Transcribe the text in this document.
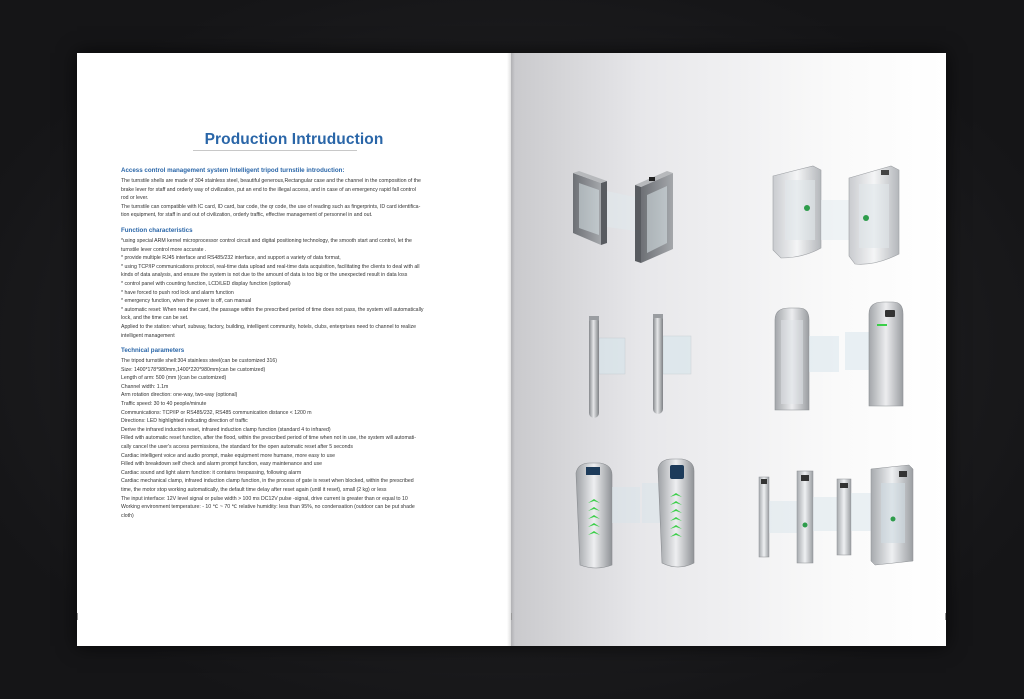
Production Intruduction
Access control management system Intelligent tripod turnstile introduction:

The turnstile shells are made of 304 stainless steel, beautiful generous,Rectangular case and the channel in the composition of the

brake lever for staff and orderly way of civilization, put an end to the illegal access, and in case of an emergency rapid fall control

rod or lever.

The turnstile can compatible with IC card, ID card, bar code, the qr code, the use of reading such as fingerprints, ID card identifica-

tion equipment, for staff in and out of civilization, orderly traffic, effective management of personnel in and out.

Function characteristics

*using special ARM kernel microprocessor control circuit and digital positioning technology, the smooth start and control, let the

turnstile lever control more accurate .

* provide multiple RJ45 interface and RS485/232 interface, and support a variety of data format,

* using TCP/IP communications protocol, real-time data upload and real-time data acquisition, facilitating the clients to deal with all

kinds of data analysis, and ensure the system is not due to the amount of data is too big or the unexpected result in data loss

* control panel with counting function, LCD/LED display function (optional)

* have forced to push rod lock and alarm function

* emergency function, when the power is off, can manual

* automatic reset: When read the card, the passage within the prescribed period of time does not pass, the system will automatically

lock, and the time can be set.

Applied to the station: wharf, subway, factory, building, intelligent community, hotels, clubs, enterprises need to channel to realize

intelligent management

Technical parameters

The tripod turnstile shell:304 stainless steel(can be customized 316)

Size: 1400*178*980mm,1400*220*980mm(can be customized)

Length of arm: 500 (mm )(can be customized)

Channel width: 1.1m

Arm rotation direction: one-way, two-way (optional)

Traffic speed: 30 to 40 people/minute

Communications: TCP/IP or RS485/232, RS485 communication distance < 1200 m

Directions: LED highlighted indicating direction of traffic

Derive the infrared induction reset, infrared induction clamp function (standard 4 to infrared)

Filled with automatic reset function, after the flood, within the prescribed period of time when not in use, the system will automati-

cally cancel the user's access permissions, the standard for the open automatic reset after 5 seconds

Cardiac intelligent voice and audio prompt, make equipment more humane, more easy to use

Filled with breakdown self check and alarm prompt function, easy maintenance and use

Cardiac sound and light alarm function: it contains trespassing, following alarm

Cardiac mechanical clamp, infrared induction clamp function, in the process of gate is reset when blocked, within the prescribed

time, the motor stop working automatically, the default time delay after reset again (until it reset), small (2 kg) or less

The input interface: 12V level signal or pulse width > 100 ms DC12V pulse -signal, drive current is greater than or equal to 10

Working environment temperature: - 10 ℃ ~ 70 ℃ relative humidity: less than 95%, no condensation (outdoor can be put shade

cloth)
